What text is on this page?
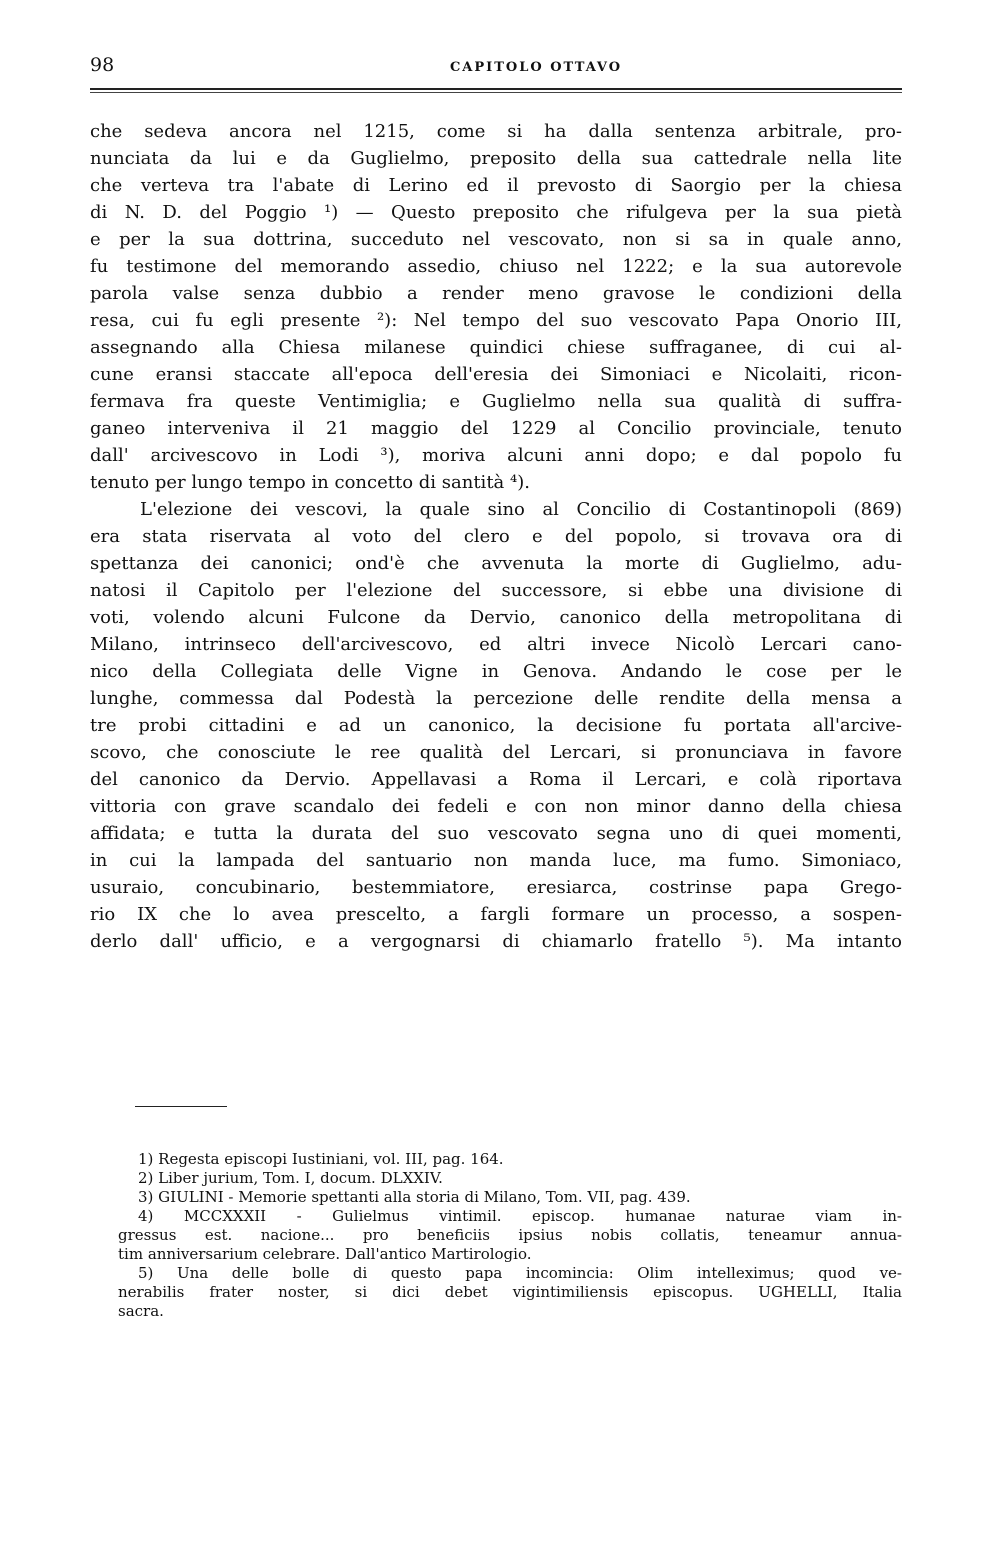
98	CAPITOLO OTTAVO
che sedeva ancora nel 1215, come si ha dalla sentenza arbitrale, pro-
nunciata da lui e da Guglielmo, preposito della sua cattedrale nella lite
che verteva tra l'abate di Lerino ed il prevosto di Saorgio per la chiesa
di N. D. del Poggio ¹) — Questo preposito che rifulgeva per la sua pietà
e per la sua dottrina, succeduto nel vescovato, non si sa in quale anno,
fu testimone del memorando assedio, chiuso nel 1222; e la sua autorevole
parola valse senza dubbio a render meno gravose le condizioni della
resa, cui fu egli presente ²): Nel tempo del suo vescovato Papa Onorio III,
assegnando alla Chiesa milanese quindici chiese suffraganee, di cui al-
cune eransi staccate all'epoca dell'eresia dei Simoniaci e Nicolaiti, ricon-
fermava fra queste Ventimiglia; e Guglielmo nella sua qualità di suffra-
ganeo interveniva il 21 maggio del 1229 al Concilio provinciale, tenuto
dall' arcivescovo in Lodi ³), moriva alcuni anni dopo; e dal popolo fu
tenuto per lungo tempo in concetto di santità ⁴).
L'elezione dei vescovi, la quale sino al Concilio di Costantinopoli (869)
era stata riservata al voto del clero e del popolo, si trovava ora di
spettanza dei canonici; ond'è che avvenuta la morte di Guglielmo, adu-
natosi il Capitolo per l'elezione del successore, si ebbe una divisione di
voti, volendo alcuni Fulcone da Dervio, canonico della metropolitana di
Milano, intrinseco dell'arcivescovo, ed altri invece Nicolò Lercari cano-
nico della Collegiata delle Vigne in Genova. Andando le cose per le
lunghe, commessa dal Podestà la percezione delle rendite della mensa a
tre probi cittadini e ad un canonico, la decisione fu portata all'arcive-
scovo, che conosciute le ree qualità del Lercari, si pronunciava in favore
del canonico da Dervio. Appellavasi a Roma il Lercari, e colà riportava
vittoria con grave scandalo dei fedeli e con non minor danno della chiesa
affidata; e tutta la durata del suo vescovato segna uno di quei momenti,
in cui la lampada del santuario non manda luce, ma fumo. Simoniaco,
usuraio, concubinario, bestemmiatore, eresiarca, costrinse papa Grego-
rio IX che lo avea prescelto, a fargli formare un processo, a sospen-
derlo dall' ufficio, e a vergognarsi di chiamarlo fratello ⁵). Ma intanto
1) Regesta episcopi Iustiniani, vol. III, pag. 164.
2) Liber jurium, Tom. I, docum. DLXXIV.
3) GIULINI - Memorie spettanti alla storia di Milano, Tom. VII, pag. 439.
4) MCCXXXII - Gulielmus vintimil. episcop. humanae naturae viam in-
gressus est. nacione... pro beneficiis ipsius nobis collatis, teneamur annua-
tim anniversarium celebrare. Dall'antico Martirologio.
5) Una delle bolle di questo papa incomincia: Olim intelleximus; quod ve-
nerabilis frater noster, si dici debet vigintimiliensis episcopus. UGHELLI, Italia
sacra.
